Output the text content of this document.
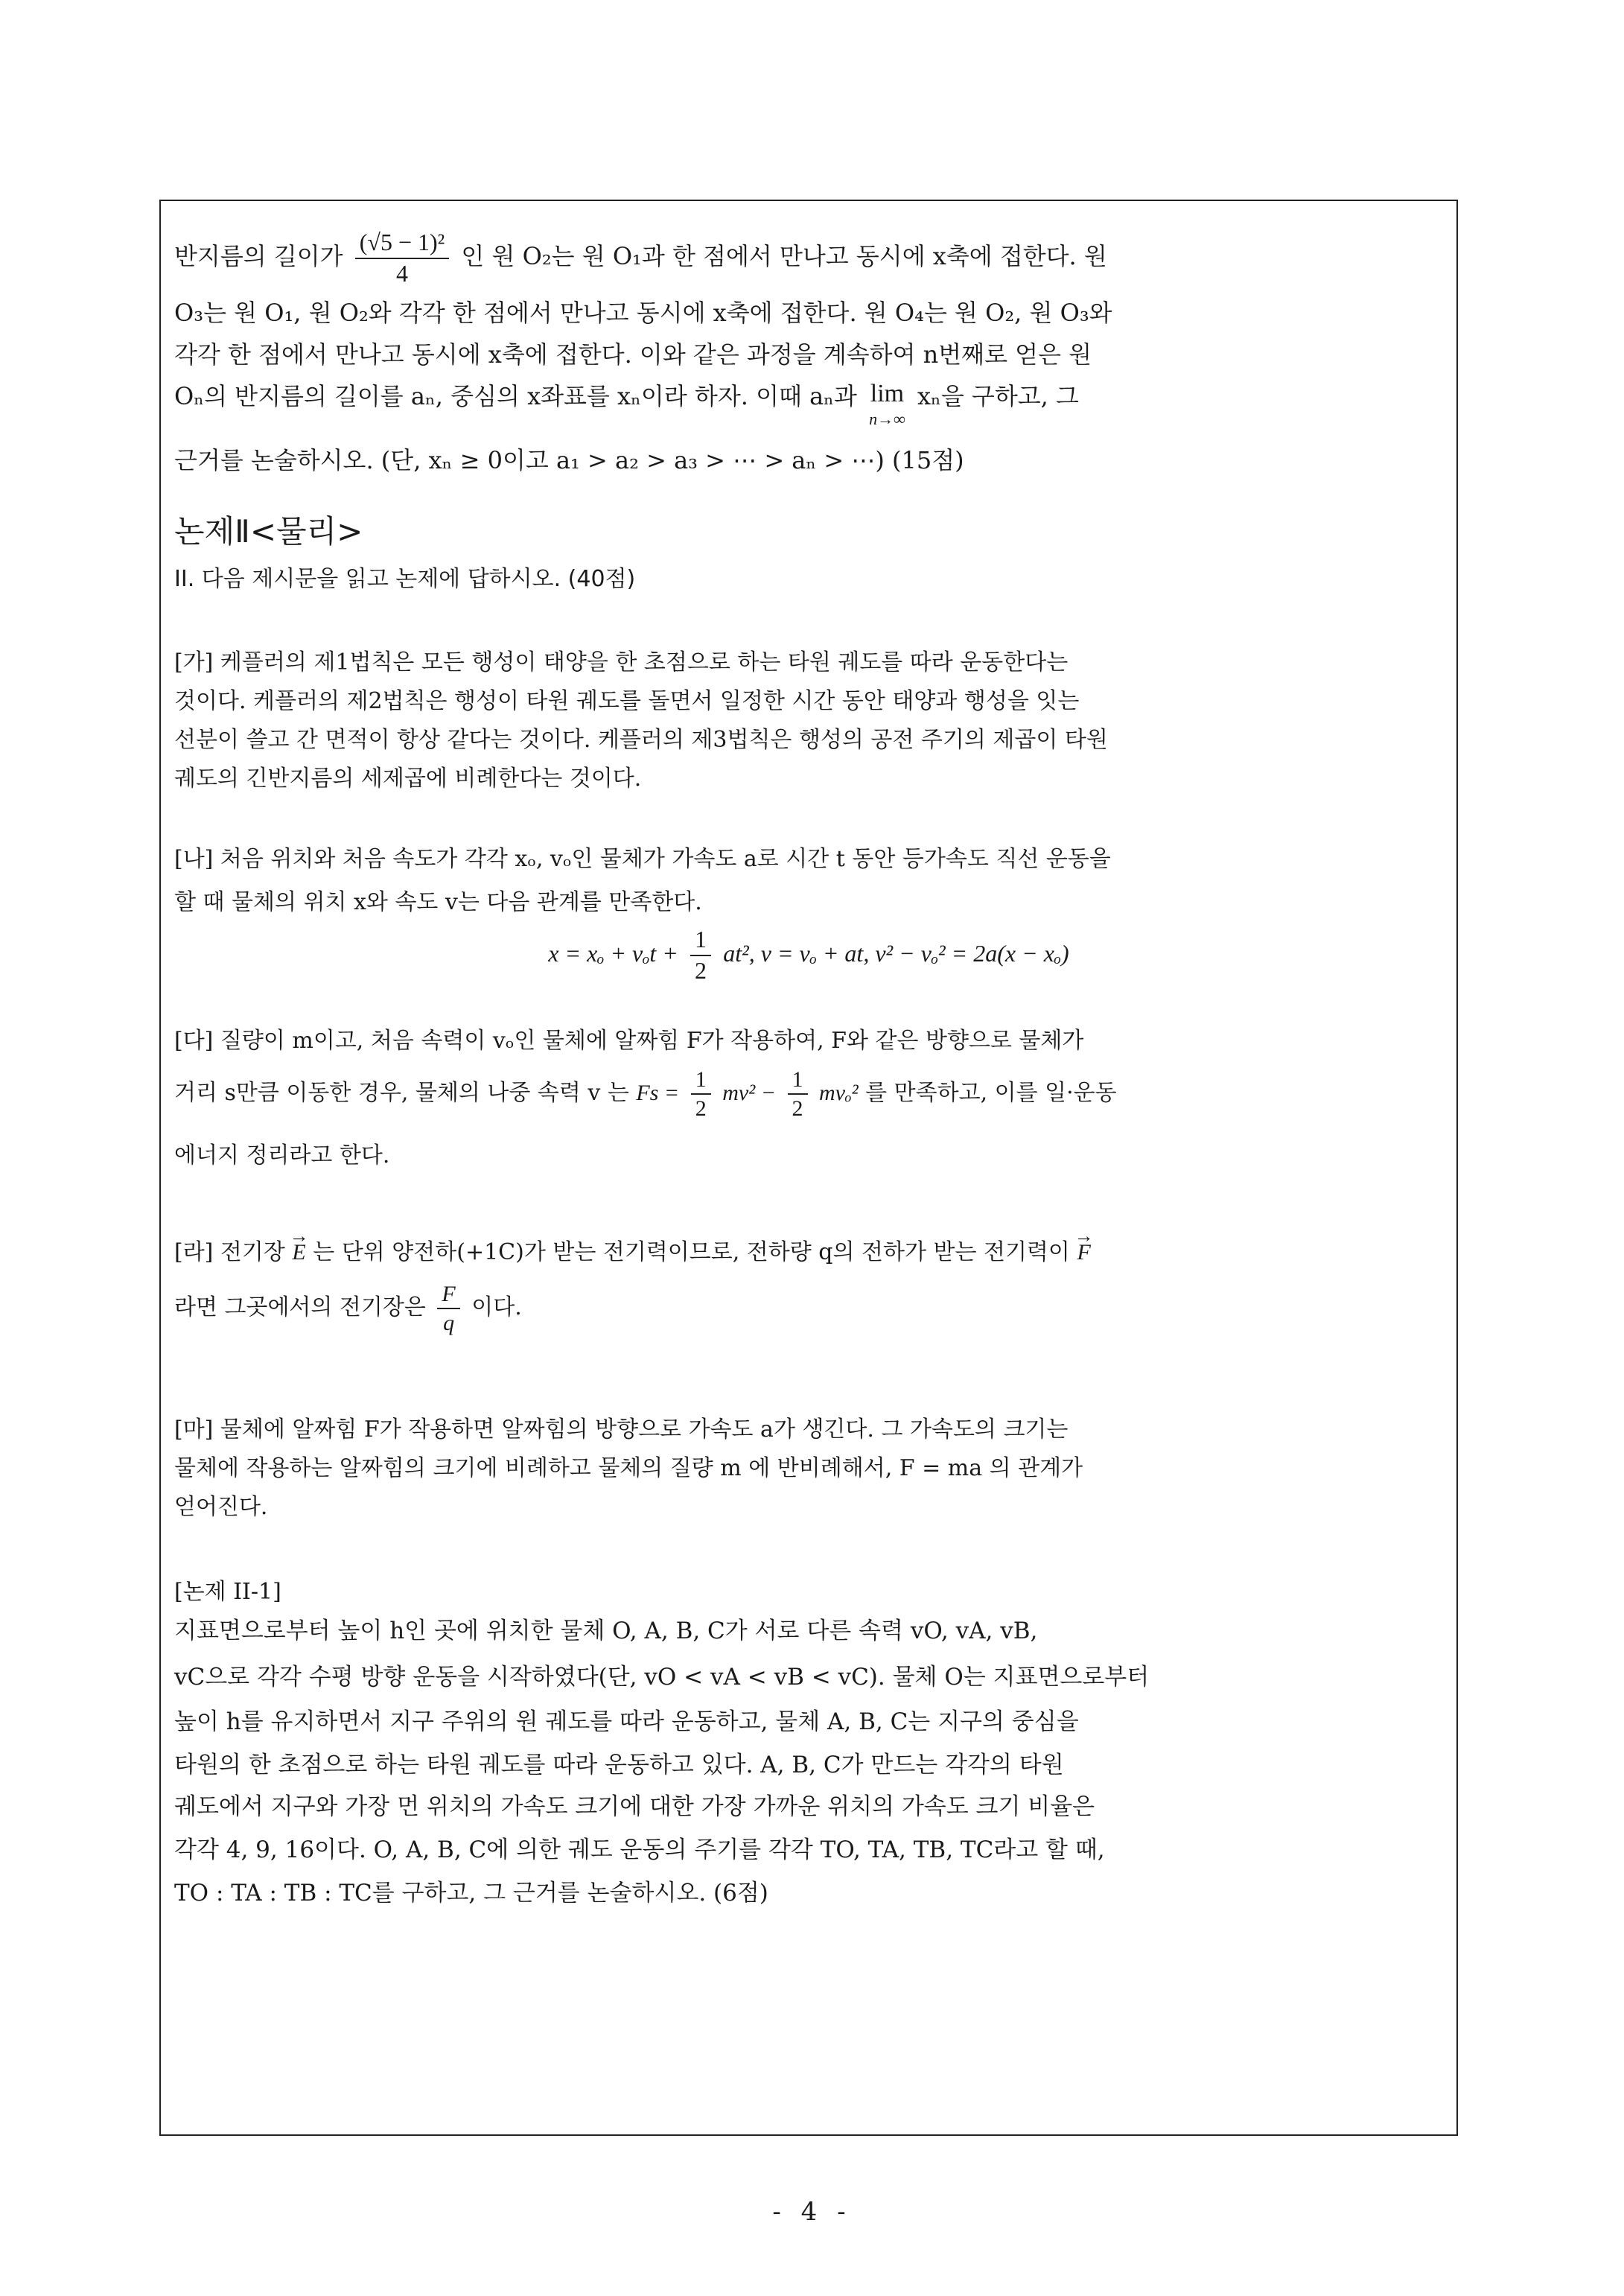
반지름의 길이가 $\frac{\text{(√5 − 1)²}}{4}$ 인 원 O₂는 원 O₁과 한 점에서 만나고 동시에 x축에 접한다. 원
O₃는 원 O₁, 원 O₂와 각각 한 점에서 만나고 동시에 x축에 접한다. 원 O₄는 원 O₂, 원 O₃와
각각 한 점에서 만나고 동시에 x축에 접한다. 이와 같은 과정을 계속하여 n번째로 얻은 원
Oₙ의 반지름의 길이를 aₙ, 중심의 x좌표를 xₙ이라 하자. 이때 aₙ과 lim
n→∞
xₙ을 구하고, 그
근거를 논술하시오. (단, xₙ ≥ 0이고 a₁ > a₂ > a₃ > ⋯ > aₙ > ⋯) (15점)
논제Ⅱ<물리>
II. 다음 제시문을 읽고 논제에 답하시오. (40점)
[가] 케플러의 제1법칙은 모든 행성이 태양을 한 초점으로 하는 타원 궤도를 따라 운동한다는
것이다. 케플러의 제2법칙은 행성이 타원 궤도를 돌면서 일정한 시간 동안 태양과 행성을 잇는
선분이 쓸고 간 면적이 항상 같다는 것이다. 케플러의 제3법칙은 행성의 공전 주기의 제곱이 타원
궤도의 긴반지름의 세제곱에 비례한다는 것이다.
[나] 처음 위치와 처음 속도가 각각 xₒ, vₒ인 물체가 가속도 a로 시간 t 동안 등가속도 직선 운동을
할 때 물체의 위치 x와 속도 v는 다음 관계를 만족한다.
$x = x_o + v_ot + \frac{1}{2} at^2$, v = vₒ + at, v² − vₒ² = 2a(x − xₒ)
[다] 질량이 m이고, 처음 속력이 vₒ인 물체에 알짜힘 F가 작용하여, F와 같은 방향으로 물체가
거리 s만큼 이동한 경우, 물체의 나중 속력 v 는 $Fs = \frac{1}{2} mv^2 - \frac{1}{2} mv_o^2$ 를 만족하고, 이를 일·운동
에너지 정리라고 한다.
[라] 전기장 → E 는 단위 양전하(+1C)가 받는 전기력이므로, 전하량 q의 전하가 받는 전기력이 → F
라면 그곳에서의 전기장은 $\frac{F}{q}$ 이다.
[마] 물체에 알짜힘 F가 작용하면 알짜힘의 방향으로 가속도 a가 생긴다. 그 가속도의 크기는
물체에 작용하는 알짜힘의 크기에 비례하고 물체의 질량 m 에 반비례해서, F = ma 의 관계가
얻어진다.
[논제 II-1]
지표면으로부터 높이 h인 곳에 위치한 물체 O, A, B, C가 서로 다른 속력 vO, vA, vB,
vC으로 각각 수평 방향 운동을 시작하였다(단, vO < vA < vB < vC). 물체 O는 지표면으로부터
높이 h를 유지하면서 지구 주위의 원 궤도를 따라 운동하고, 물체 A, B, C는 지구의 중심을
타원의 한 초점으로 하는 타원 궤도를 따라 운동하고 있다. A, B, C가 만드는 각각의 타원
궤도에서 지구와 가장 먼 위치의 가속도 크기에 대한 가장 가까운 위치의 가속도 크기 비율은
각각 4, 9, 16이다. O, A, B, C에 의한 궤도 운동의 주기를 각각 TO, TA, TB, TC라고 할 때,
TO : TA : TB : TC를 구하고, 그 근거를 논술하시오. (6점)
- 4 -
